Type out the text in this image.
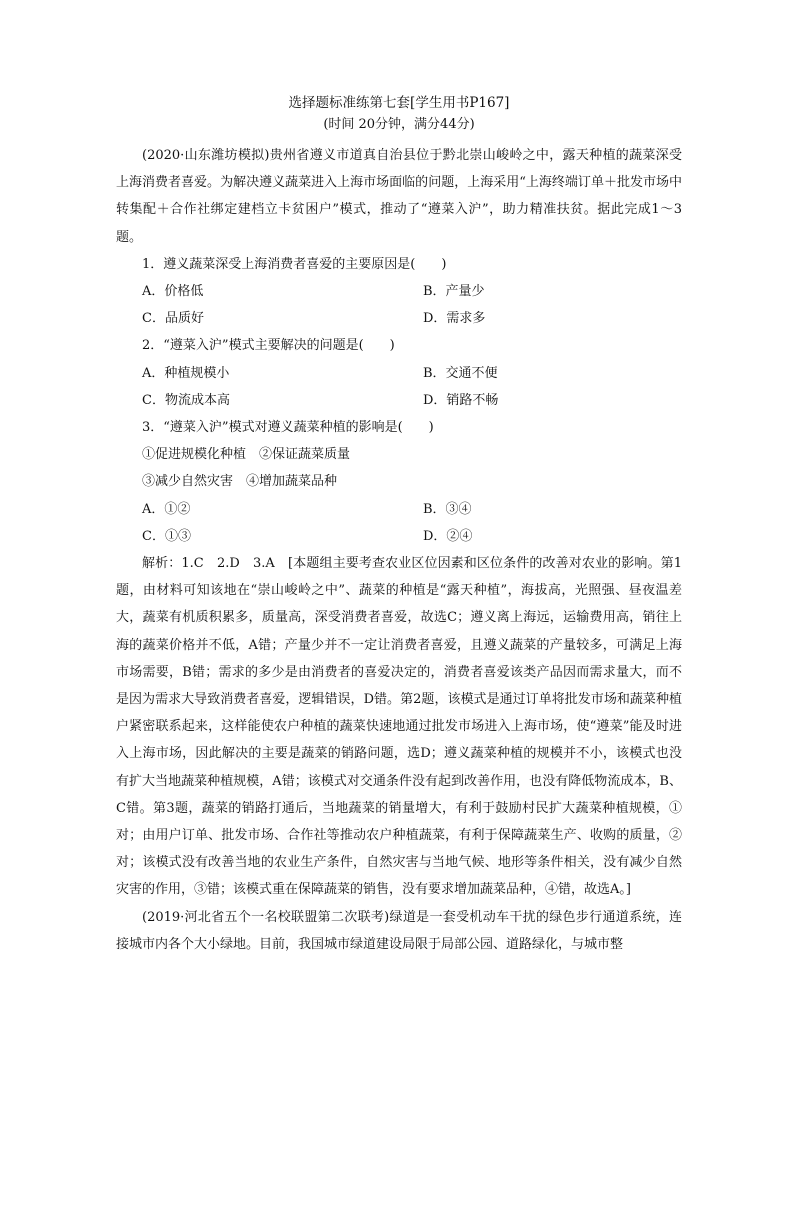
选择题标准练第七套[学生用书P167]
(时间 20分钟，满分44分)

(2020·山东潍坊模拟)贵州省遵义市道真自治县位于黔北崇山峻岭之中，露天种植的蔬菜深受上海消费者喜爱。为解决遵义蔬菜进入上海市场面临的问题，上海采用“上海终端订单＋批发市场中转集配＋合作社绑定建档立卡贫困户”模式，推动了“遵菜入沪”，助力精准扶贫。据此完成1～3题。

1．遵义蔬菜深受上海消费者喜爱的主要原因是(　　)

A．价格低	B．产量少
C．品质好	D．需求多

2．“遵菜入沪”模式主要解决的问题是(　　)

A．种植规模小	B．交通不便
C．物流成本高	D．销路不畅

3．“遵菜入沪”模式对遵义蔬菜种植的影响是(　　)

①促进规模化种植　②保证蔬菜质量

③减少自然灾害　④增加蔬菜品种

A．①②	B．③④
C．①③	D．②④

解析：1.C　2.D　3.A　[本题组主要考查农业区位因素和区位条件的改善对农业的影响。第1题，由材料可知该地在“崇山峻岭之中”、蔬菜的种植是“露天种植”，海拔高，光照强、昼夜温差大，蔬菜有机质积累多，质量高，深受消费者喜爱，故选C；遵义离上海远，运输费用高，销往上海的蔬菜价格并不低，A错；产量少并不一定让消费者喜爱，且遵义蔬菜的产量较多，可满足上海市场需要，B错；需求的多少是由消费者的喜爱决定的，消费者喜爱该类产品因而需求量大，而不是因为需求大导致消费者喜爱，逻辑错误，D错。第2题，该模式是通过订单将批发市场和蔬菜种植户紧密联系起来，这样能使农户种植的蔬菜快速地通过批发市场进入上海市场，使“遵菜”能及时进入上海市场，因此解决的主要是蔬菜的销路问题，选D；遵义蔬菜种植的规模并不小，该模式也没有扩大当地蔬菜种植规模，A错；该模式对交通条件没有起到改善作用，也没有降低物流成本，B、C错。第3题，蔬菜的销路打通后，当地蔬菜的销量增大，有利于鼓励村民扩大蔬菜种植规模，①对；由用户订单、批发市场、合作社等推动农户种植蔬菜，有利于保障蔬菜生产、收购的质量，②对；该模式没有改善当地的农业生产条件，自然灾害与当地气候、地形等条件相关，没有减少自然灾害的作用，③错；该模式重在保障蔬菜的销售，没有要求增加蔬菜品种，④错，故选A。]

(2019·河北省五个一名校联盟第二次联考)绿道是一套受机动车干扰的绿色步行通道系统，连接城市内各个大小绿地。目前，我国城市绿道建设局限于局部公园、道路绿化，与城市整
